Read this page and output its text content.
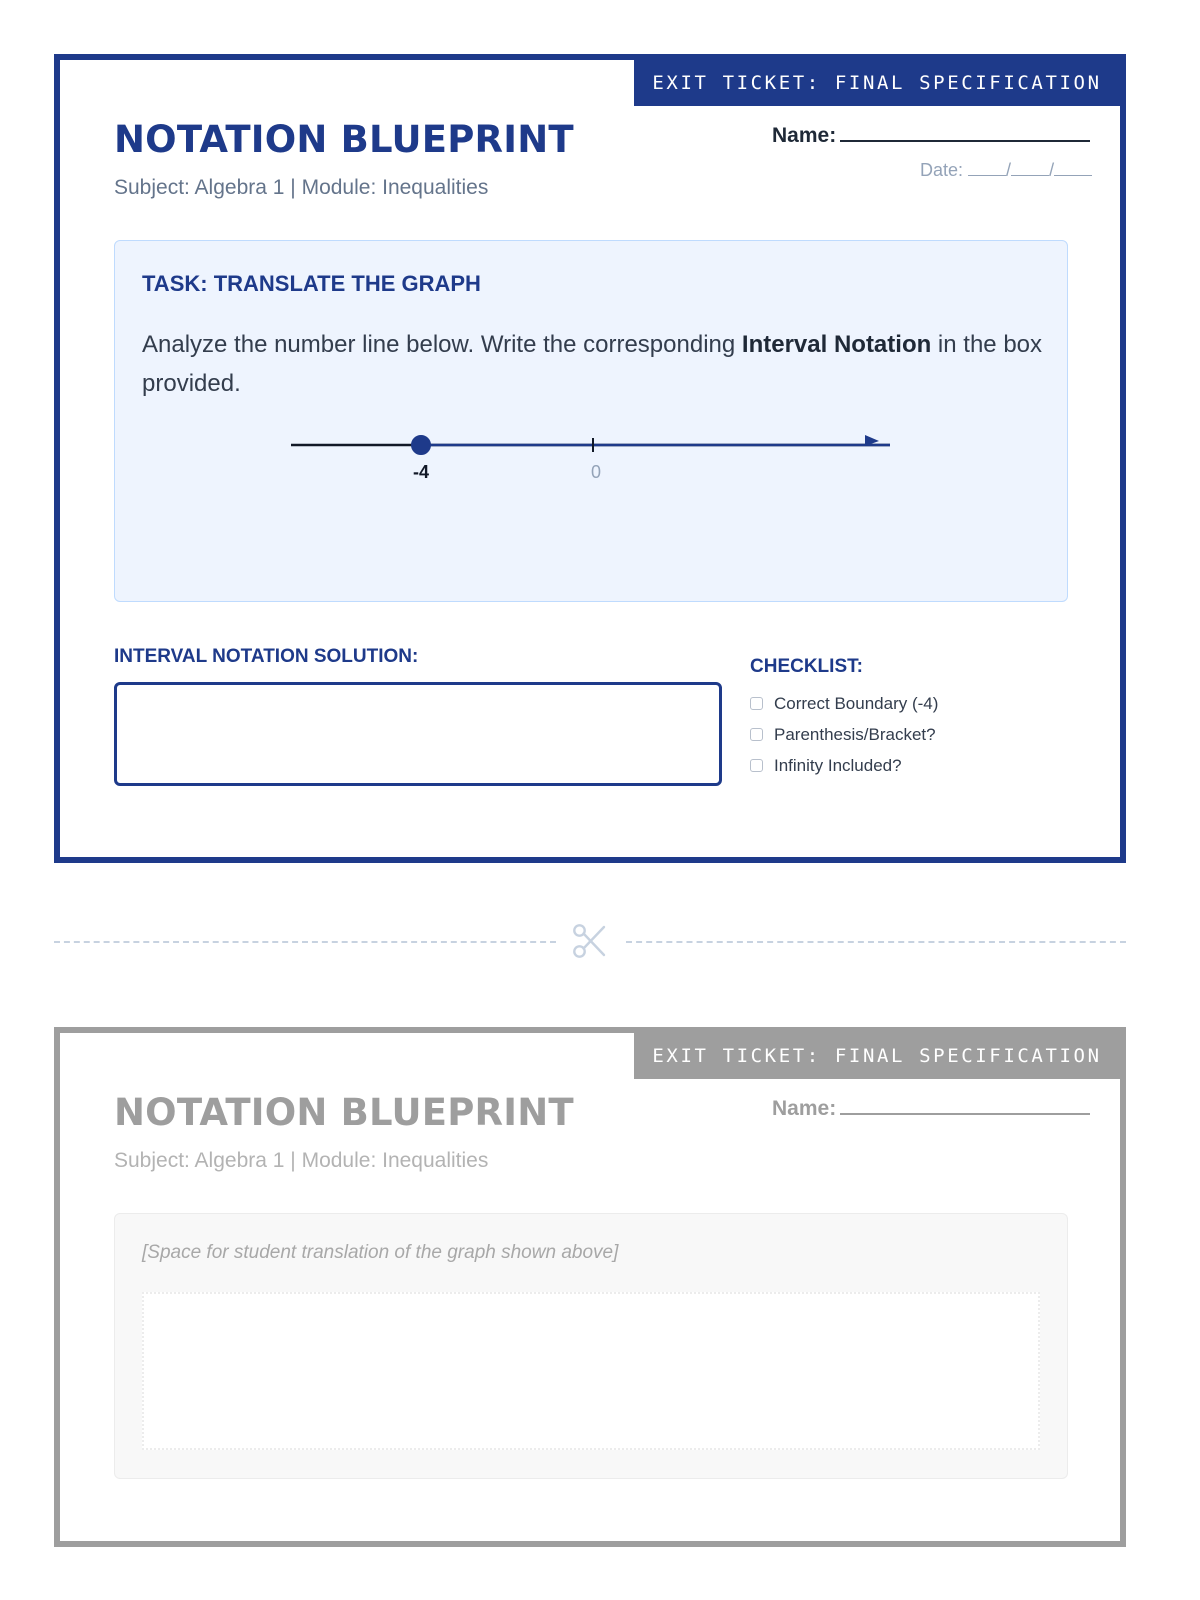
EXIT TICKET: FINAL SPECIFICATION
NOTATION BLUEPRINT
Subject: Algebra 1 | Module: Inequalities
Name:
Date: / /
TASK: TRANSLATE THE GRAPH

Analyze the number line below. Write the corresponding Interval Notation in the box provided.

-4	0
INTERVAL NOTATION SOLUTION:	CHECKLIST:
Correct Boundary (-4)
Parenthesis/Bracket?
Infinity Included?
EXIT TICKET: FINAL SPECIFICATION
NOTATION BLUEPRINT
Subject: Algebra 1 | Module: Inequalities
Name:
[Space for student translation of the graph shown above]
